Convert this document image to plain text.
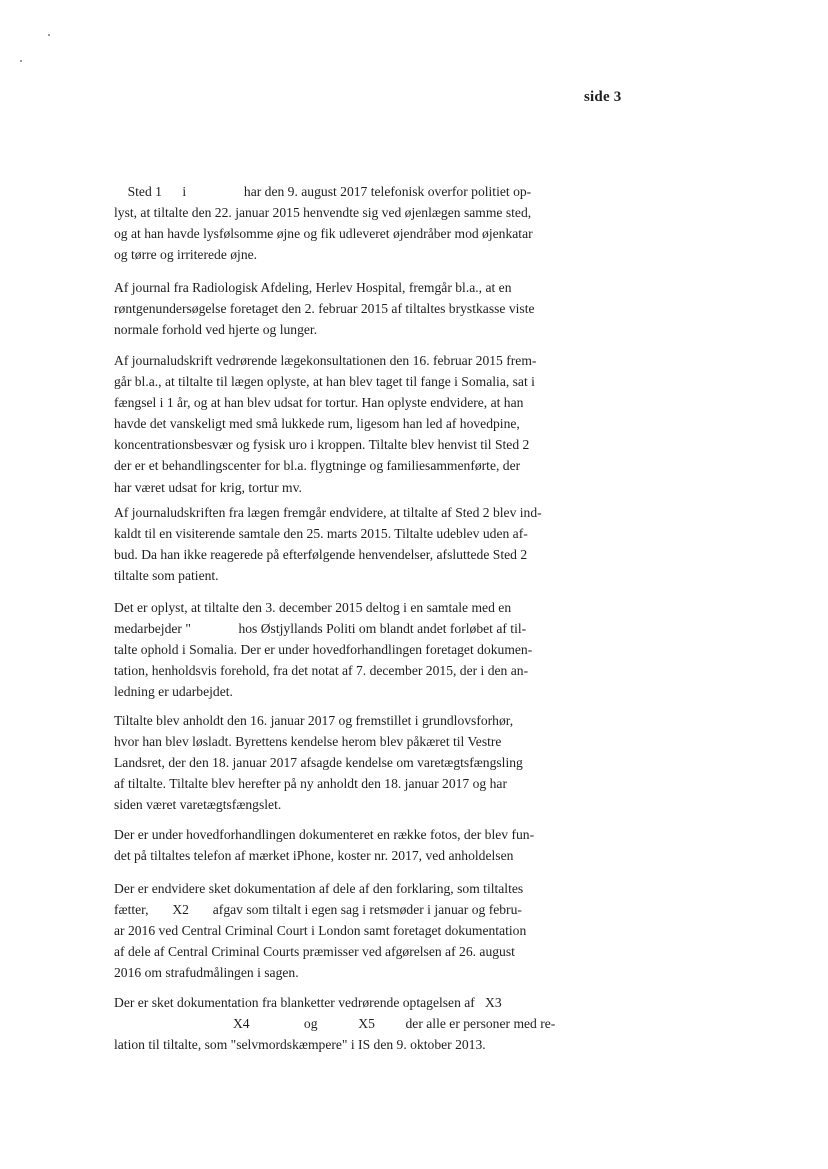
side 3
Sted 1      i                 har den 9. august 2017 telefonisk overfor politiet op-
lyst, at tiltalte den 22. januar 2015 henvendte sig ved øjenlægen samme sted,
og at han havde lysfølsomme øjne og fik udleveret øjendråber mod øjenkatar
og tørre og irriterede øjne.
Af journal fra Radiologisk Afdeling, Herlev Hospital, fremgår bl.a., at en
røntgenundersøgelse foretaget den 2. februar 2015 af tiltaltes brystkasse viste
normale forhold ved hjerte og lunger.
Af journaludskrift vedrørende lægekonsultationen den 16. februar 2015 frem-
går bl.a., at tiltalte til lægen oplyste, at han blev taget til fange i Somalia, sat i
fængsel i 1 år, og at han blev udsat for tortur. Han oplyste endvidere, at han
havde det vanskeligt med små lukkede rum, ligesom han led af hovedpine,
koncentrationsbesvær og fysisk uro i kroppen. Tiltalte blev henvist til Sted 2
der er et behandlingscenter for bl.a. flygtninge og familiesammenførte, der
har været udsat for krig, tortur mv.
Af journaludskriften fra lægen fremgår endvidere, at tiltalte af Sted 2 blev ind-
kaldt til en visiterende samtale den 25. marts 2015. Tiltalte udeblev uden af-
bud. Da han ikke reagerede på efterfølgende henvendelser, afsluttede Sted 2
tiltalte som patient.
Det er oplyst, at tiltalte den 3. december 2015 deltog i en samtale med en
medarbejder "              hos Østjyllands Politi om blandt andet forløbet af til-
talte ophold i Somalia. Der er under hovedforhandlingen foretaget dokumen-
tation, henholdsvis forehold, fra det notat af 7. december 2015, der i den an-
ledning er udarbejdet.
Tiltalte blev anholdt den 16. januar 2017 og fremstillet i grundlovsforhør,
hvor han blev løsladt. Byrettens kendelse herom blev påkæret til Vestre
Landsret, der den 18. januar 2017 afsagde kendelse om varetægtsfængsling
af tiltalte. Tiltalte blev herefter på ny anholdt den 18. januar 2017 og har
siden været varetægtsfængslet.
Der er under hovedforhandlingen dokumenteret en række fotos, der blev fun-
det på tiltaltes telefon af mærket iPhone, koster nr. 2017, ved anholdelsen
Der er endvidere sket dokumentation af dele af den forklaring, som tiltaltes
fætter,       X2       afgav som tiltalt i egen sag i retsmøder i januar og febru-
ar 2016 ved Central Criminal Court i London samt foretaget dokumentation
af dele af Central Criminal Courts præmisser ved afgørelsen af 26. august
2016 om strafudmålingen i sagen.
Der er sket dokumentation fra blanketter vedrørende optagelsen af   X3
X4                og            X5         der alle er personer med re-
lation til tiltalte, som "selvmordskæmpere" i IS den 9. oktober 2013.
